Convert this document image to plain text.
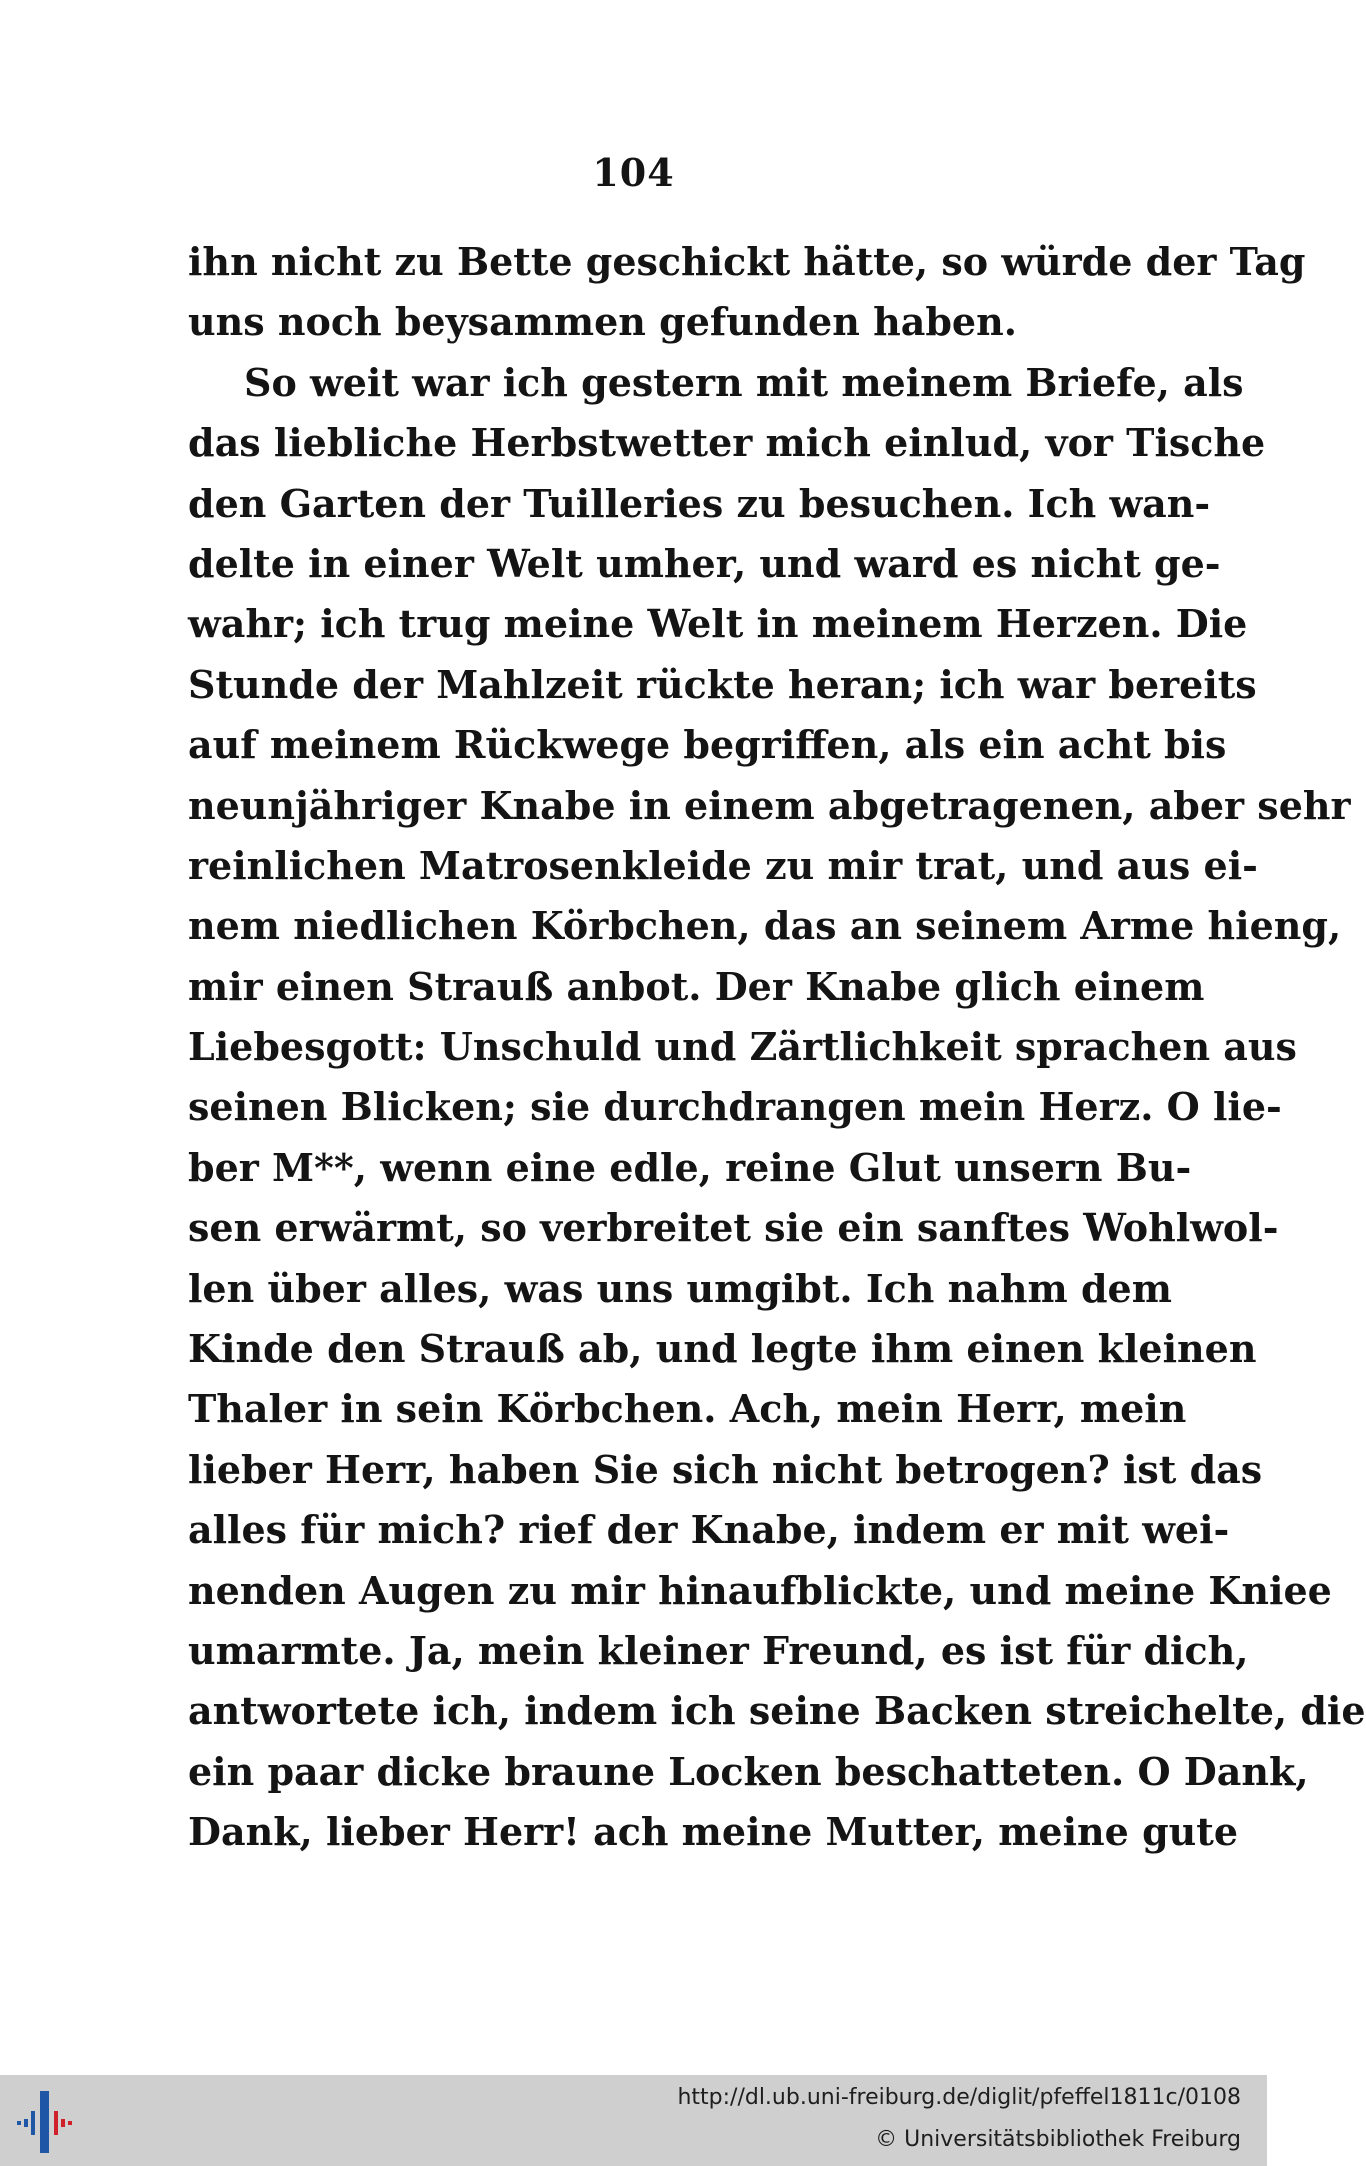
104
ihn nicht zu Bette geschickt hätte, so würde der Tag
uns noch beysammen gefunden haben.
So weit war ich gestern mit meinem Briefe, als
das liebliche Herbstwetter mich einlud, vor Tische
den Garten der Tuilleries zu besuchen. Ich wan-
delte in einer Welt umher, und ward es nicht ge-
wahr; ich trug meine Welt in meinem Herzen. Die
Stunde der Mahlzeit rückte heran; ich war bereits
auf meinem Rückwege begriffen, als ein acht bis
neunjähriger Knabe in einem abgetragenen, aber sehr
reinlichen Matrosenkleide zu mir trat, und aus ei-
nem niedlichen Körbchen, das an seinem Arme hieng,
mir einen Strauß anbot. Der Knabe glich einem
Liebesgott: Unschuld und Zärtlichkeit sprachen aus
seinen Blicken; sie durchdrangen mein Herz. O lie-
ber M**, wenn eine edle, reine Glut unsern Bu-
sen erwärmt, so verbreitet sie ein sanftes Wohlwol-
len über alles, was uns umgibt. Ich nahm dem
Kinde den Strauß ab, und legte ihm einen kleinen
Thaler in sein Körbchen. Ach, mein Herr, mein
lieber Herr, haben Sie sich nicht betrogen? ist das
alles für mich? rief der Knabe, indem er mit wei-
nenden Augen zu mir hinaufblickte, und meine Kniee
umarmte. Ja, mein kleiner Freund, es ist für dich,
antwortete ich, indem ich seine Backen streichelte, die
ein paar dicke braune Locken beschatteten. O Dank,
Dank, lieber Herr! ach meine Mutter, meine gute
http://dl.ub.uni-freiburg.de/diglit/pfeffel1811c/0108
© Universitätsbibliothek Freiburg
